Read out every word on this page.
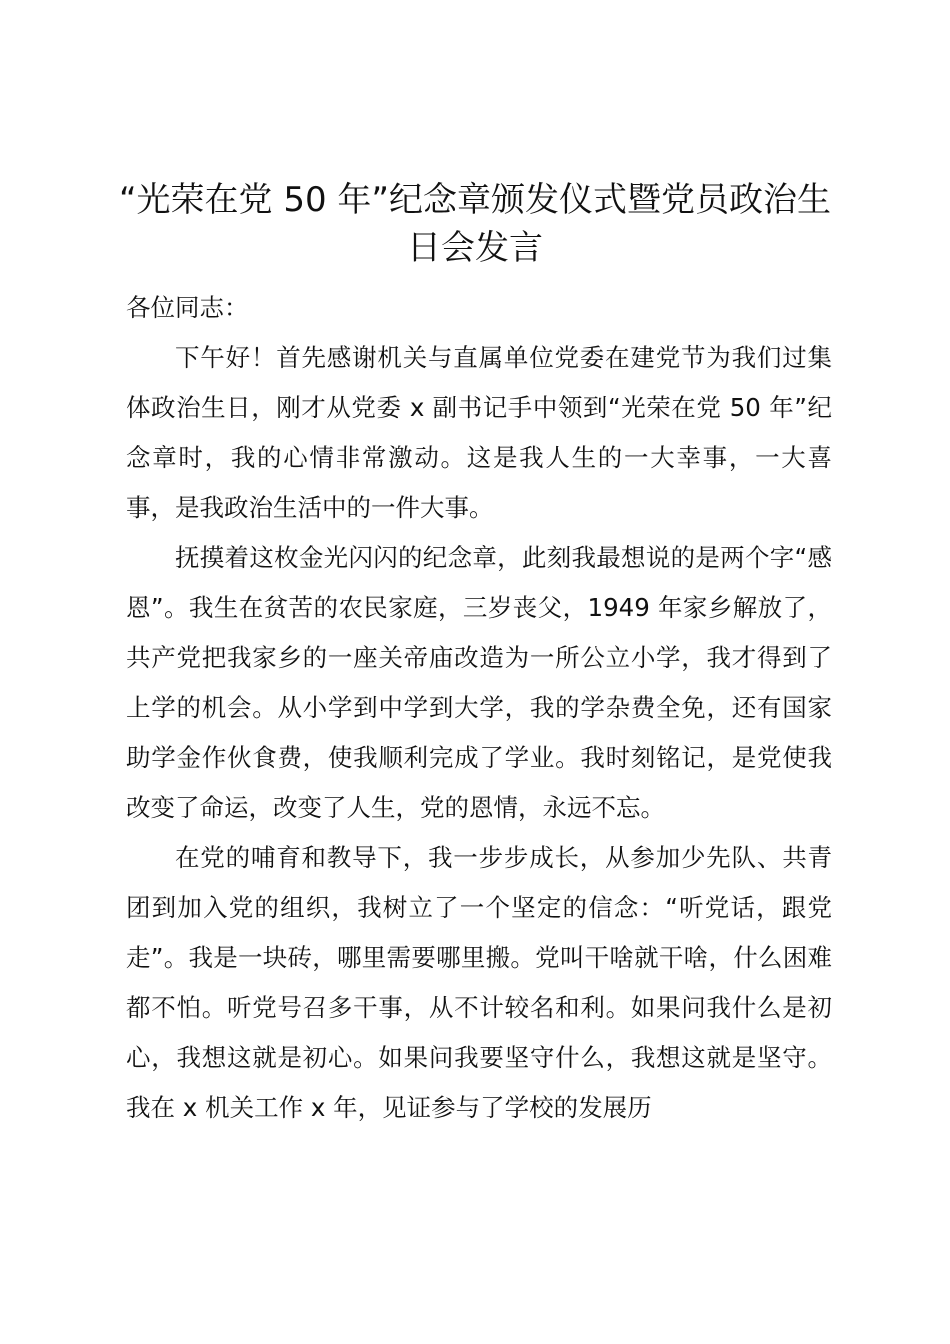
“光荣在党 50 年”纪念章颁发仪式暨党员政治生日会发言

各位同志：

下午好！首先感谢机关与直属单位党委在建党节为我们过集体政治生日，刚才从党委 x 副书记手中领到“光荣在党 50 年”纪念章时，我的心情非常激动。这是我人生的一大幸事，一大喜事，是我政治生活中的一件大事。

抚摸着这枚金光闪闪的纪念章，此刻我最想说的是两个字“感恩”。我生在贫苦的农民家庭，三岁丧父，1949 年家乡解放了，共产党把我家乡的一座关帝庙改造为一所公立小学，我才得到了上学的机会。从小学到中学到大学，我的学杂费全免，还有国家助学金作伙食费，使我顺利完成了学业。我时刻铭记，是党使我改变了命运，改变了人生，党的恩情，永远不忘。

在党的哺育和教导下，我一步步成长，从参加少先队、共青团到加入党的组织，我树立了一个坚定的信念：“听党话，跟党走”。我是一块砖，哪里需要哪里搬。党叫干啥就干啥，什么困难都不怕。听党号召多干事，从不计较名和利。如果问我什么是初心，我想这就是初心。如果问我要坚守什么，我想这就是坚守。我在 x 机关工作 x 年，见证参与了学校的发展历
